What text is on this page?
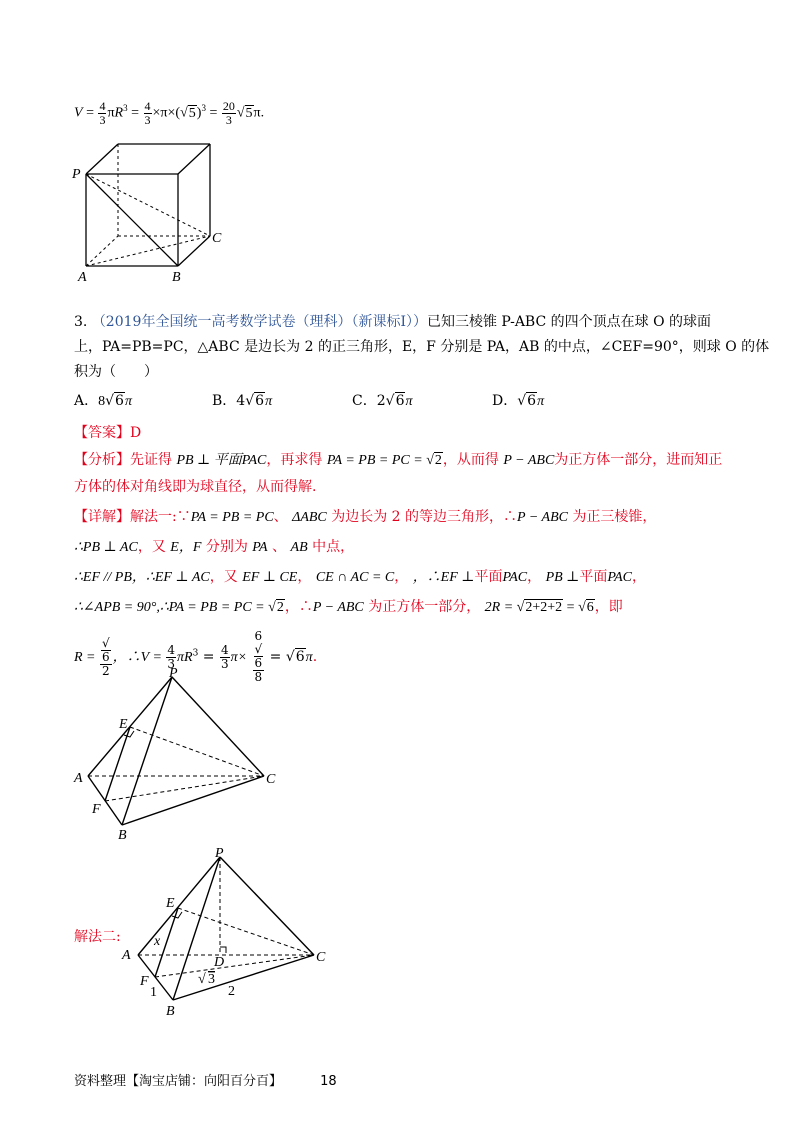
$V = \frac{4}{3} \pi R^3 = \frac{4}{3} \times\pi\times(√5)^3 = \frac{20}{3} √5\pi$.
P
C
A	B
3. （2019年全国统一高考数学试卷（理科）（新课标Ⅰ））已知三棱锥 P-ABC 的四个顶点在球 O 的球面
上，PA=PB=PC，△ABC 是边长为 2 的正三角形，E，F 分别是 PA，AB 的中点，∠CEF=90°，则球 O 的体
积为（　　）
A．8√6π	B．4√6π	C．2√6π	D．√6π
【答案】D
【分析】先证得 PB ⊥ 平面PAC，再求得 PA = PB = PC = √2，从而得 P − ABC为正方体一部分，进而知正
方体的体对角线即为球直径，从而得解.
【详解】解法一:∵PA = PB = PC、 ΔABC 为边长为 2 的等边三角形，∴P − ABC 为正三棱锥，
∴PB ⊥ AC，又 E，F 分别为 PA 、 AB 中点，
∴EF // PB，∴EF ⊥ AC，又 EF ⊥ CE， CE ∩ AC = C， ，∴EF ⊥平面PAC， PB ⊥平面PAC，
∴∠APB = 90°,∴PA = PB = PC = √2，∴P − ABC 为正方体一部分， 2R = √2+2+2 = √6，即
R = √
6
2 ，∴V = $\frac{4}{3} \pi R^3 = \frac{4}{3} \pi\times 6$
√
6
8 = √6π.
P
E
A	C
F
B
解法二:
P
E
x
A	D	C
F
1
√ 3
2
B
资料整理【淘宝店铺：向阳百分百】	18
